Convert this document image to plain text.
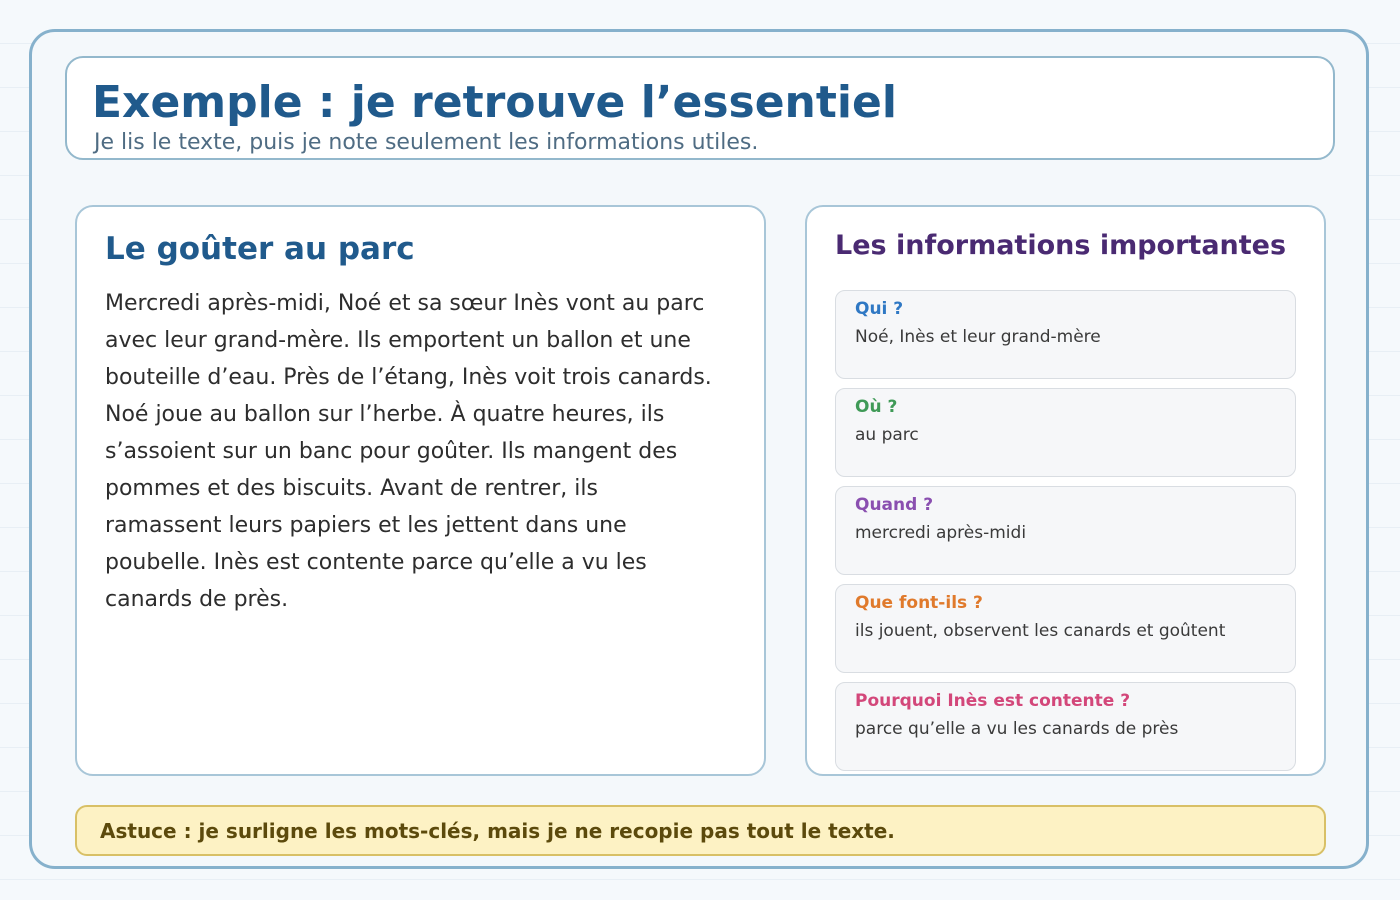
Exemple : je retrouve l’essentiel

Je lis le texte, puis je note seulement les informations utiles.

Le goûter au parc

Mercredi après-midi, Noé et sa sœur Inès vont au parc avec leur grand-mère. Ils emportent un ballon et une bouteille d’eau. Près de l’étang, Inès voit trois canards. Noé joue au ballon sur l’herbe. À quatre heures, ils s’assoient sur un banc pour goûter. Ils mangent des pommes et des biscuits. Avant de rentrer, ils ramassent leurs papiers et les jettent dans une poubelle. Inès est contente parce qu’elle a vu les canards de près.

Les informations importantes
Qui ?
Noé, Inès et leur grand-mère
Où ?
au parc
Quand ?
mercredi après-midi
Que font-ils ?
ils jouent, observent les canards et goûtent
Pourquoi Inès est contente ?
parce qu’elle a vu les canards de près
Astuce : je surligne les mots-clés, mais je ne recopie pas tout le texte.
